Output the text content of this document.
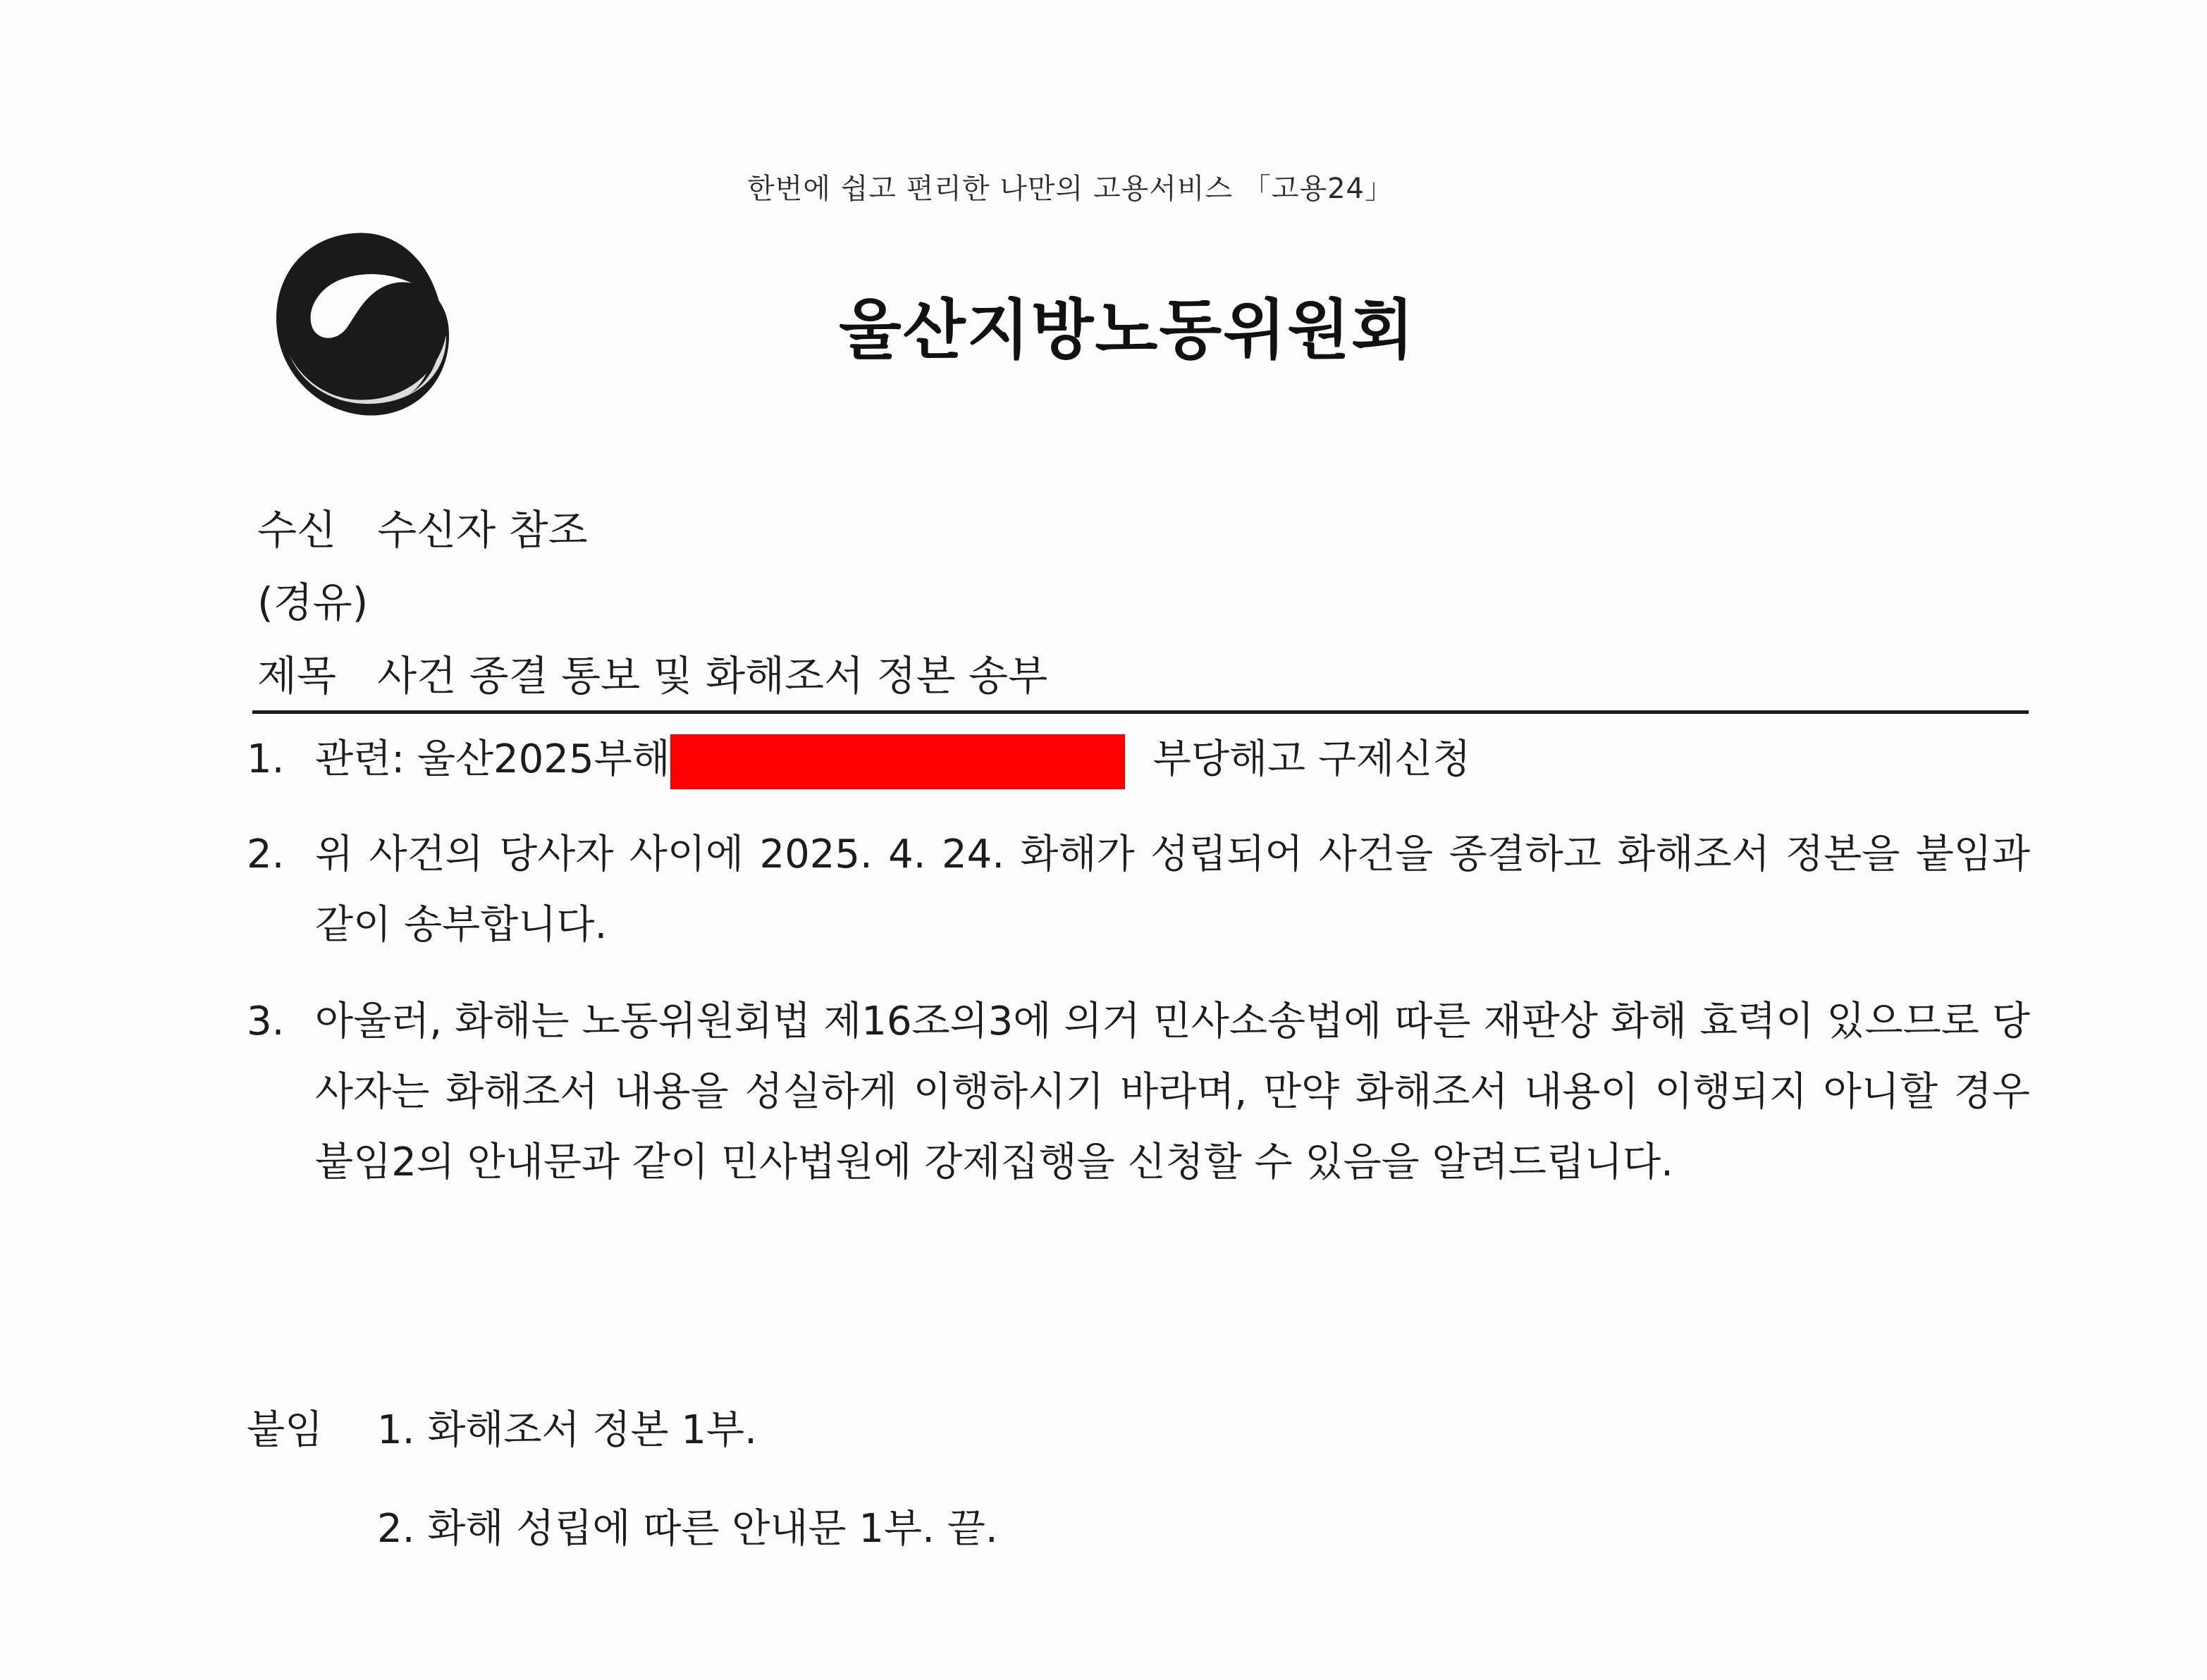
한번에 쉽고 편리한 나만의 고용서비스 「고용24」
울산지방노동위원회
수신 수신자 참조
(경유)
제목 사건 종결 통보 및 화해조서 정본 송부
1. 관련: 울산2025부해	부당해고 구제신청
2. 위 사건의 당사자 사이에 2025. 4. 24. 화해가 성립되어 사건을 종결하고 화해조서 정본을 붙임과 같이 송부합니다.
3. 아울러, 화해는 노동위원회법 제16조의3에 의거 민사소송법에 따른 재판상 화해 효력이 있으므로 당사자는 화해조서 내용을 성실하게 이행하시기 바라며, 만약 화해조서 내용이 이행되지 아니할 경우 붙임2의 안내문과 같이 민사법원에 강제집행을 신청할 수 있음을 알려드립니다.
붙임 1. 화해조서 정본 1부.
2. 화해 성립에 따른 안내문 1부. 끝.
